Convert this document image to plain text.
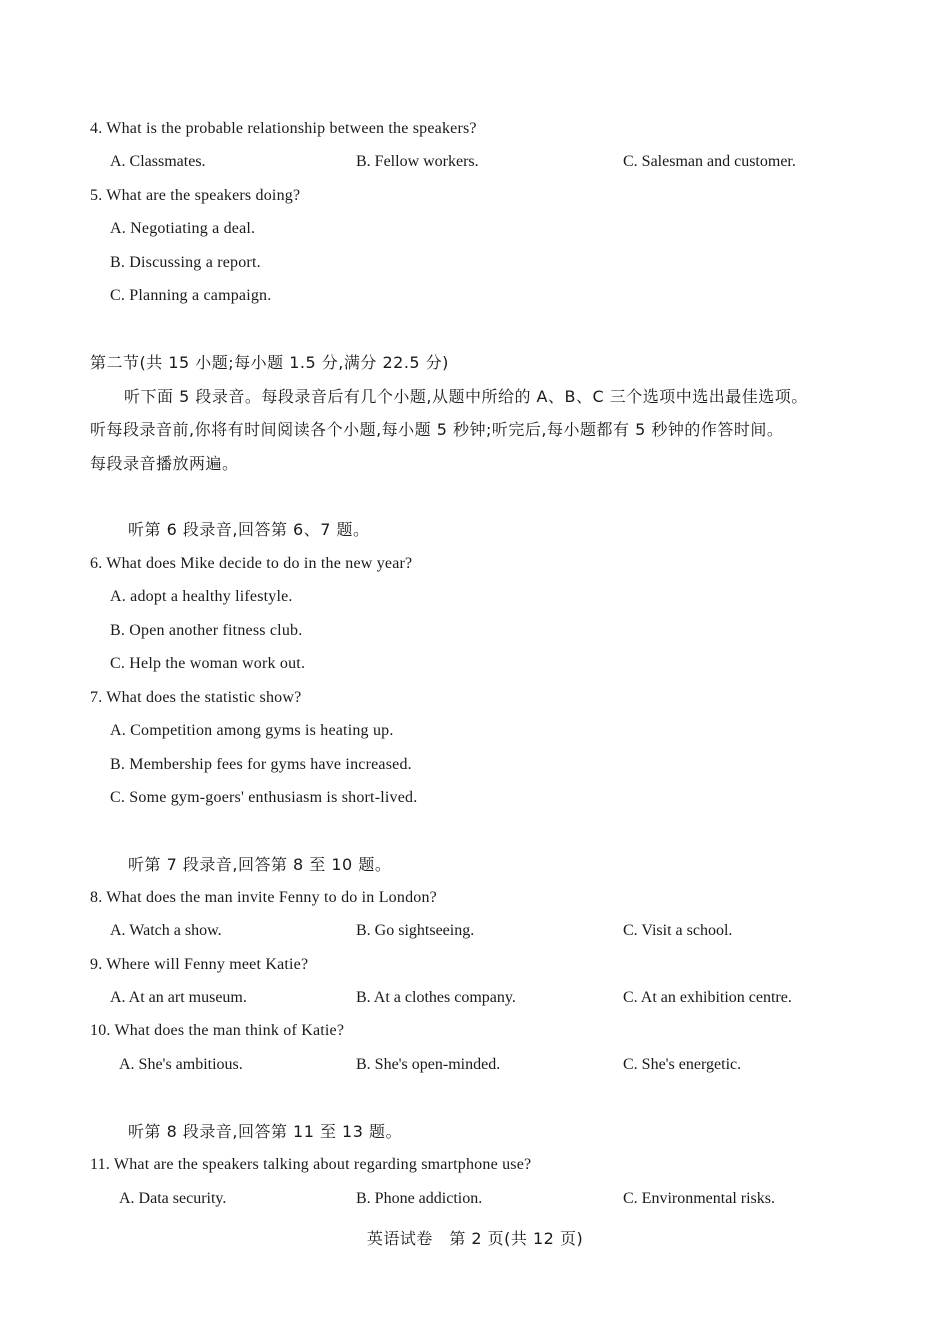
4. What is the probable relationship between the speakers?
A. Classmates.	B. Fellow workers.	C. Salesman and customer.
5. What are the speakers doing?
A. Negotiating a deal.
B. Discussing a report.
C. Planning a campaign.
第二节(共 15 小题;每小题 1.5 分,满分 22.5 分)
听下面 5 段录音。每段录音后有几个小题,从题中所给的 A、B、C 三个选项中选出最佳选项。
听每段录音前,你将有时间阅读各个小题,每小题 5 秒钟;听完后,每小题都有 5 秒钟的作答时间。
每段录音播放两遍。
听第 6 段录音,回答第 6、7 题。
6. What does Mike decide to do in the new year?
A. adopt a healthy lifestyle.
B. Open another fitness club.
C. Help the woman work out.
7. What does the statistic show?
A. Competition among gyms is heating up.
B. Membership fees for gyms have increased.
C. Some gym-goers' enthusiasm is short-lived.
听第 7 段录音,回答第 8 至 10 题。
8. What does the man invite Fenny to do in London?
A. Watch a show.	B. Go sightseeing.	C. Visit a school.
9. Where will Fenny meet Katie?
A. At an art museum.	B. At a clothes company.	C. At an exhibition centre.
10. What does the man think of Katie?
A. She's ambitious.	B. She's open-minded.	C. She's energetic.
听第 8 段录音,回答第 11 至 13 题。
11. What are the speakers talking about regarding smartphone use?
A. Data security.	B. Phone addiction.	C. Environmental risks.
英语试卷　第 2 页(共 12 页)
